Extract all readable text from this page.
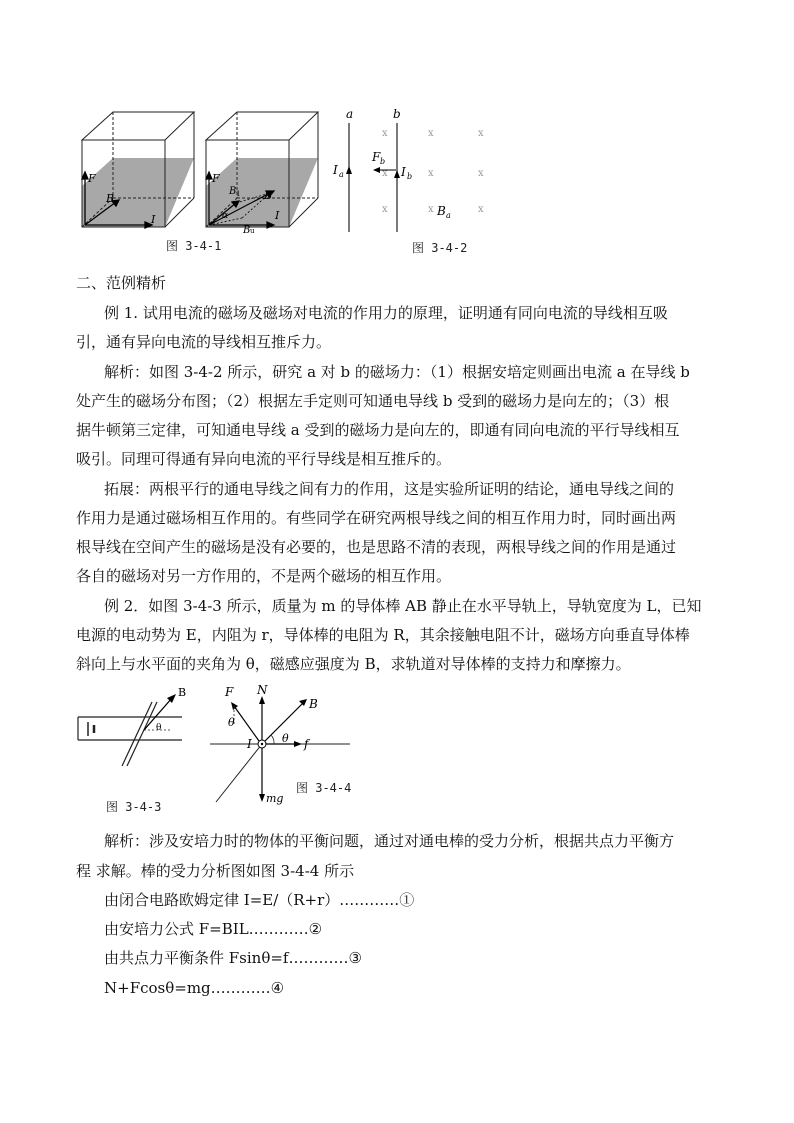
F
B
I
F
B 1 B
α	I
B u
图 3-4-1
x	x	x
x	x	x
x	x	x
a	b
I a
F b
I b
B a
图 3-4-2
二、范例精析
例 1. 试用电流的磁场及磁场对电流的作用力的原理，证明通有同向电流的导线相互吸
引，通有异向电流的导线相互推斥力。
解析：如图 3-4-2 所示，研究 a 对 b 的磁场力：（1）根据安培定则画出电流 a 在导线 b
处产生的磁场分布图；（2）根据左手定则可知通电导线 b 受到的磁场力是向左的；（3）根
据牛顿第三定律，可知通电导线 a 受到的磁场力是向左的，即通有同向电流的平行导线相互
吸引。同理可得通有异向电流的平行导线是相互推斥的。
拓展：两根平行的通电导线之间有力的作用，这是实验所证明的结论，通电导线之间的
作用力是通过磁场相互作用的。有些同学在研究两根导线之间的相互作用力时，同时画出两
根导线在空间产生的磁场是没有必要的，也是思路不清的表现，两根导线之间的作用是通过
各自的磁场对另一方作用的，不是两个磁场的相互作用。
例 2．如图 3-4-3 所示，质量为 m 的导体棒 AB 静止在水平导轨上，导轨宽度为 L，已知
电源的电动势为 E，内阻为 r，导体棒的电阻为 R，其余接触电阻不计，磁场方向垂直导体棒
斜向上与水平面的夹角为 θ，磁感应强度为 B，求轨道对导体棒的支持力和摩擦力。
B
θ
图 3-4-3
F N
B
θ
θ
I	f
mg
图 3-4-4
解析：涉及安培力时的物体的平衡问题，通过对通电棒的受力分析，根据共点力平衡方
程 求解。棒的受力分析图如图 3-4-4 所示
由闭合电路欧姆定律 I=E/（R+r）…………①
由安培力公式 F=BIL…………②
由共点力平衡条件 Fsinθ=f…………③
N+Fcosθ=mg…………④
